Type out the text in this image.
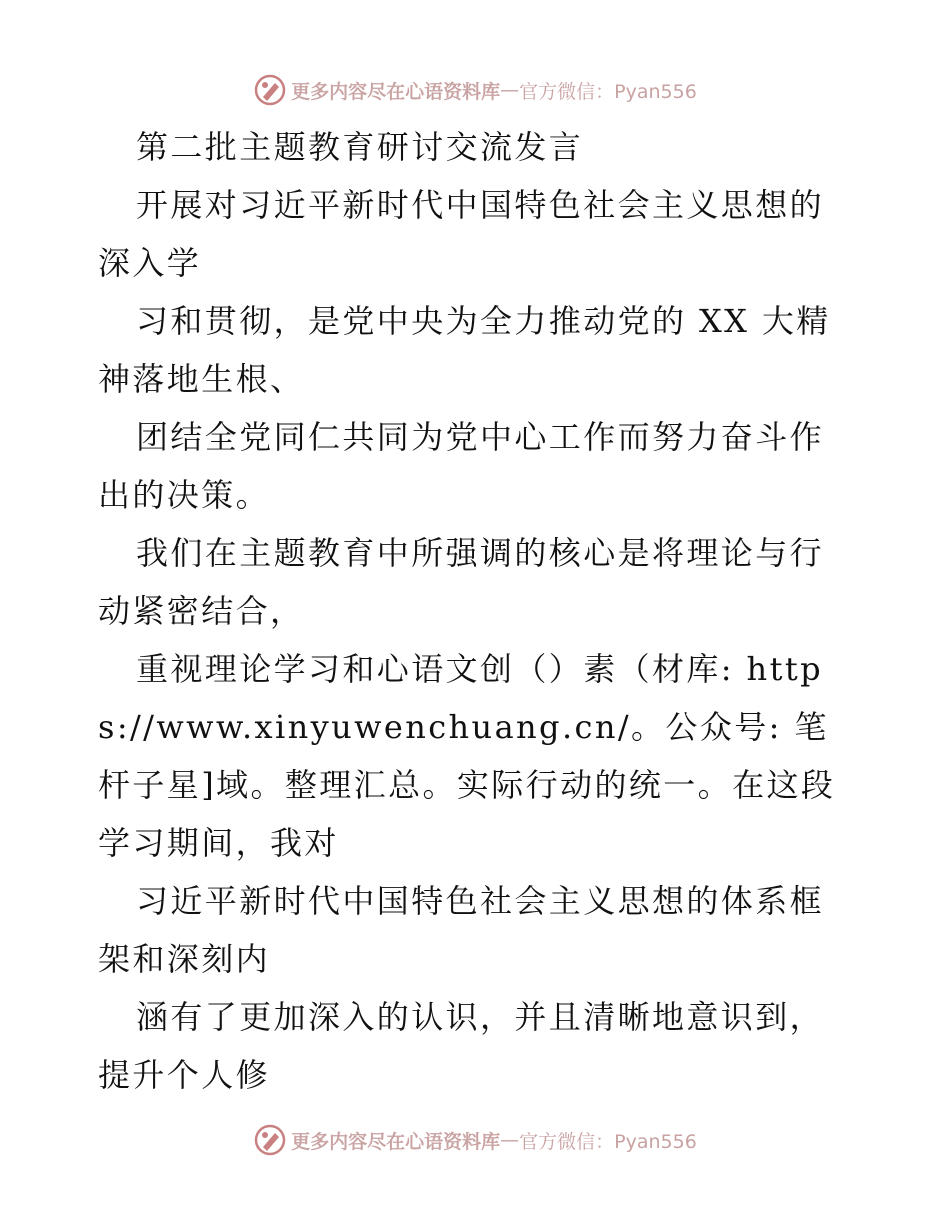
更多内容尽在心语资料库 — 官方微信：Pyan556

第二批主题教育研讨交流发言

开展对习近平新时代中国特色社会主义思想的深入学

习和贯彻，是党中央为全力推动党的 XX 大精神落地生根、

团结全党同仁共同为党中心工作而努力奋斗作出的决策。

我们在主题教育中所强调的核心是将理论与行动紧密结合，

重视理论学习和心语文创（）素（材库: https://www.xinyuwenchuang.cn/。公众号: 笔杆子星]域。整理汇总。实际行动的统一。在这段学习期间，我对

习近平新时代中国特色社会主义思想的体系框架和深刻内

涵有了更加深入的认识，并且清晰地意识到，提升个人修

更多内容尽在心语资料库 — 官方微信：Pyan556
